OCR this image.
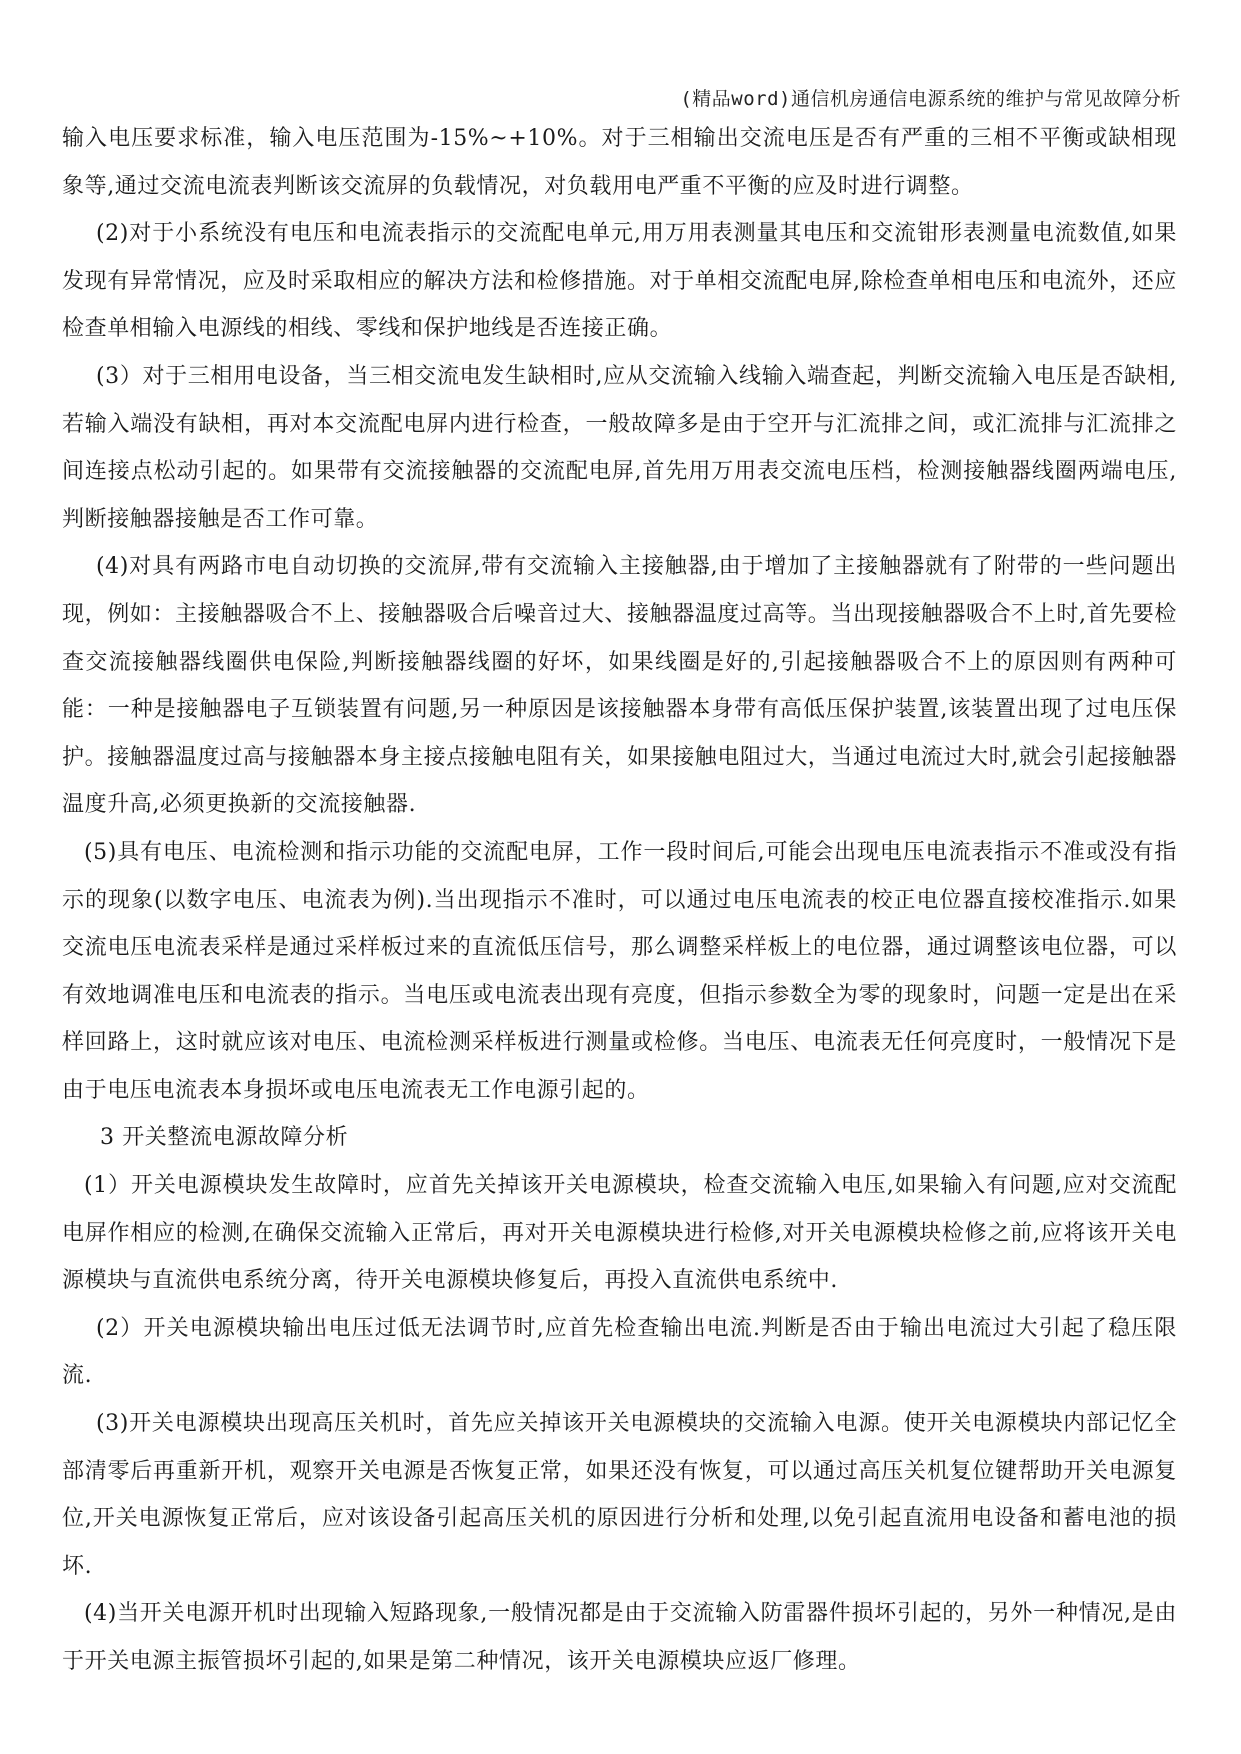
(精品word)通信机房通信电源系统的维护与常见故障分析

输入电压要求标准，输入电压范围为-15%~+10%。对于三相输出交流电压是否有严重的三相不平衡或缺相现象等,通过交流电流表判断该交流屏的负载情况，对负载用电严重不平衡的应及时进行调整。

(2)对于小系统没有电压和电流表指示的交流配电单元,用万用表测量其电压和交流钳形表测量电流数值,如果发现有异常情况，应及时采取相应的解决方法和检修措施。对于单相交流配电屏,除检查单相电压和电流外，还应检查单相输入电源线的相线、零线和保护地线是否连接正确。

(3）对于三相用电设备，当三相交流电发生缺相时,应从交流输入线输入端查起，判断交流输入电压是否缺相,若输入端没有缺相，再对本交流配电屏内进行检查，一般故障多是由于空开与汇流排之间，或汇流排与汇流排之间连接点松动引起的。如果带有交流接触器的交流配电屏,首先用万用表交流电压档，检测接触器线圈两端电压,判断接触器接触是否工作可靠。

(4)对具有两路市电自动切换的交流屏,带有交流输入主接触器,由于增加了主接触器就有了附带的一些问题出现，例如：主接触器吸合不上、接触器吸合后噪音过大、接触器温度过高等。当出现接触器吸合不上时,首先要检查交流接触器线圈供电保险,判断接触器线圈的好坏，如果线圈是好的,引起接触器吸合不上的原因则有两种可能：一种是接触器电子互锁装置有问题,另一种原因是该接触器本身带有高低压保护装置,该装置出现了过电压保护。接触器温度过高与接触器本身主接点接触电阻有关，如果接触电阻过大，当通过电流过大时,就会引起接触器温度升高,必须更换新的交流接触器.

(5)具有电压、电流检测和指示功能的交流配电屏，工作一段时间后,可能会出现电压电流表指示不准或没有指示的现象(以数字电压、电流表为例).当出现指示不准时，可以通过电压电流表的校正电位器直接校准指示.如果交流电压电流表采样是通过采样板过来的直流低压信号，那么调整采样板上的电位器，通过调整该电位器，可以有效地调准电压和电流表的指示。当电压或电流表出现有亮度，但指示参数全为零的现象时，问题一定是出在采样回路上，这时就应该对电压、电流检测采样板进行测量或检修。当电压、电流表无任何亮度时，一般情况下是由于电压电流表本身损坏或电压电流表无工作电源引起的。

3 开关整流电源故障分析

(1）开关电源模块发生故障时，应首先关掉该开关电源模块，检查交流输入电压,如果输入有问题,应对交流配电屏作相应的检测,在确保交流输入正常后，再对开关电源模块进行检修,对开关电源模块检修之前,应将该开关电源模块与直流供电系统分离，待开关电源模块修复后，再投入直流供电系统中.

(2）开关电源模块输出电压过低无法调节时,应首先检查输出电流.判断是否由于输出电流过大引起了稳压限流.

(3)开关电源模块出现高压关机时，首先应关掉该开关电源模块的交流输入电源。使开关电源模块内部记忆全部清零后再重新开机，观察开关电源是否恢复正常，如果还没有恢复，可以通过高压关机复位键帮助开关电源复位,开关电源恢复正常后，应对该设备引起高压关机的原因进行分析和处理,以免引起直流用电设备和蓄电池的损坏.

(4)当开关电源开机时出现输入短路现象,一般情况都是由于交流输入防雷器件损坏引起的，另外一种情况,是由于开关电源主振管损坏引起的,如果是第二种情况，该开关电源模块应返厂修理。
